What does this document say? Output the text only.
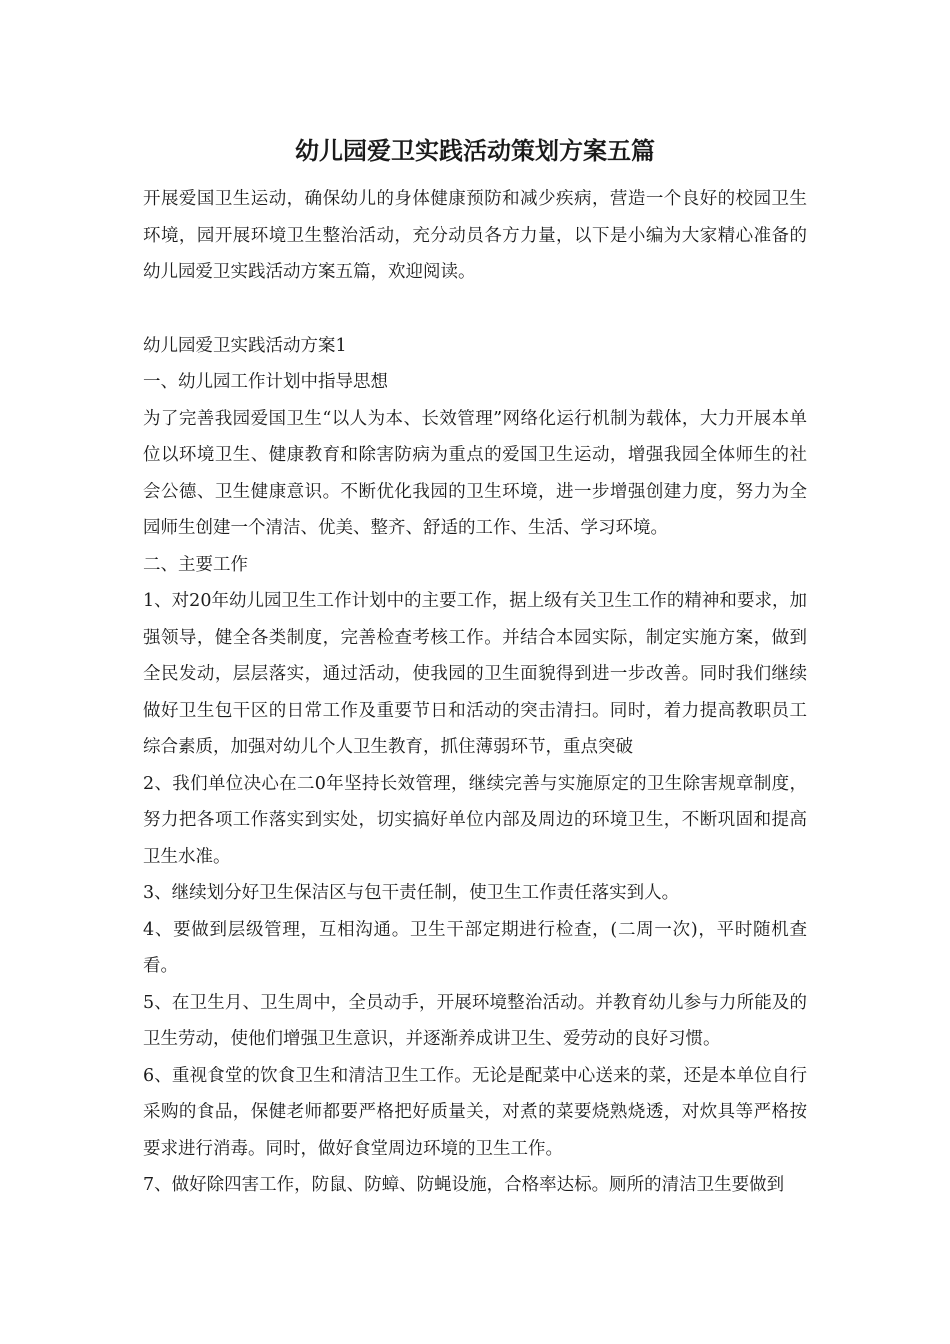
幼儿园爱卫实践活动策划方案五篇

开展爱国卫生运动，确保幼儿的身体健康预防和减少疾病，营造一个良好的校园卫生环境，园开展环境卫生整治活动，充分动员各方力量，以下是小编为大家精心准备的幼儿园爱卫实践活动方案五篇，欢迎阅读。

幼儿园爱卫实践活动方案1

一、幼儿园工作计划中指导思想

为了完善我园爱国卫生“以人为本、长效管理”网络化运行机制为载体，大力开展本单位以环境卫生、健康教育和除害防病为重点的爱国卫生运动，增强我园全体师生的社会公德、卫生健康意识。不断优化我园的卫生环境，进一步增强创建力度，努力为全园师生创建一个清洁、优美、整齐、舒适的工作、生活、学习环境。

二、主要工作

1、对20年幼儿园卫生工作计划中的主要工作，据上级有关卫生工作的精神和要求，加强领导，健全各类制度，完善检查考核工作。并结合本园实际，制定实施方案，做到全民发动，层层落实，通过活动，使我园的卫生面貌得到进一步改善。同时我们继续做好卫生包干区的日常工作及重要节日和活动的突击清扫。同时，着力提高教职员工综合素质，加强对幼儿个人卫生教育，抓住薄弱环节，重点突破

2、我们单位决心在二0年坚持长效管理，继续完善与实施原定的卫生除害规章制度，努力把各项工作落实到实处，切实搞好单位内部及周边的环境卫生，不断巩固和提高卫生水准。

3、继续划分好卫生保洁区与包干责任制，使卫生工作责任落实到人。

4、要做到层级管理，互相沟通。卫生干部定期进行检查，(二周一次)，平时随机查看。

5、在卫生月、卫生周中，全员动手，开展环境整治活动。并教育幼儿参与力所能及的卫生劳动，使他们增强卫生意识，并逐渐养成讲卫生、爱劳动的良好习惯。

6、重视食堂的饮食卫生和清洁卫生工作。无论是配菜中心送来的菜，还是本单位自行采购的食品，保健老师都要严格把好质量关，对煮的菜要烧熟烧透，对炊具等严格按要求进行消毒。同时，做好食堂周边环境的卫生工作。

7、做好除四害工作，防鼠、防蟑、防蝇设施，合格率达标。厕所的清洁卫生要做到
